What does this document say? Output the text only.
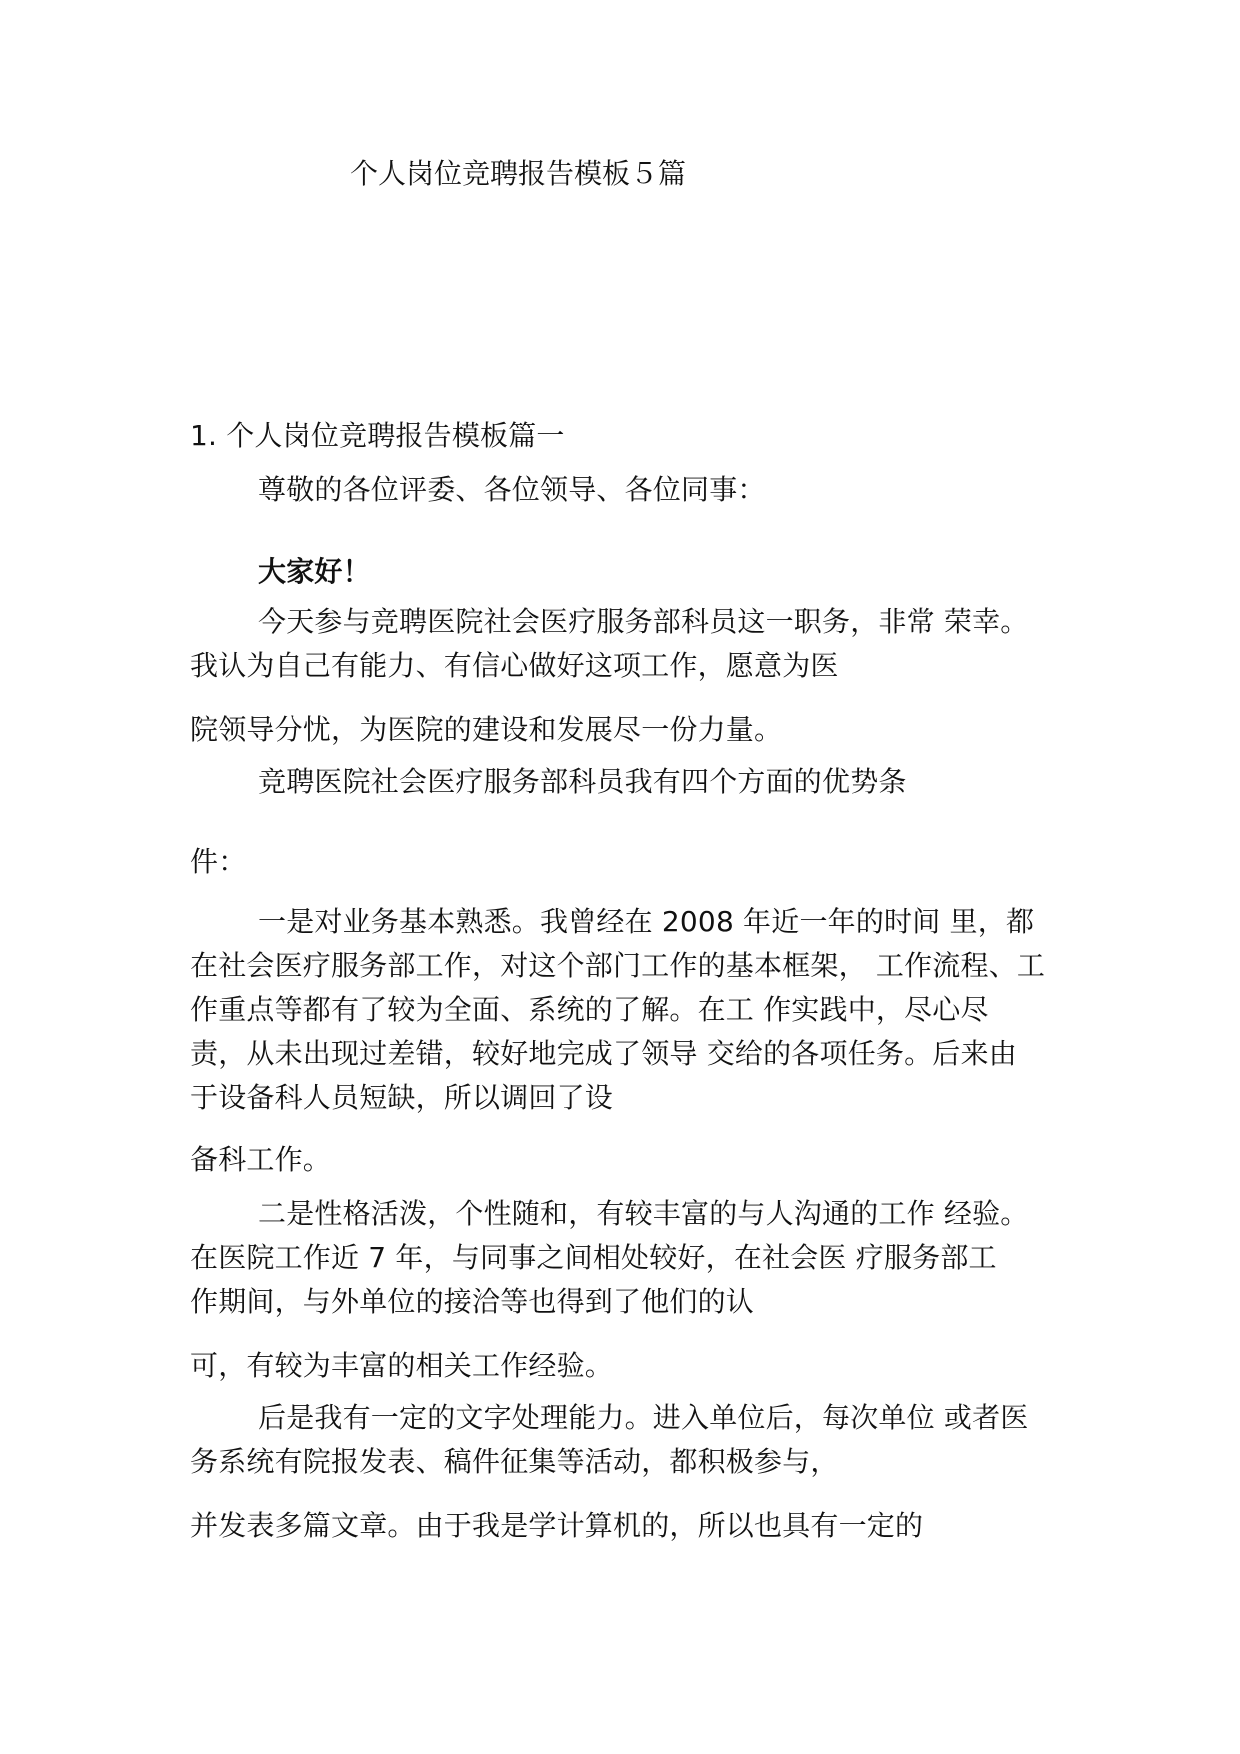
个人岗位竞聘报告模板５篇
1. 个人岗位竞聘报告模板篇一
尊敬的各位评委、各位领导、各位同事：
大家好！
今天参与竞聘医院社会医疗服务部科员这一职务，非常 荣幸。
我认为自己有能力、有信心做好这项工作，愿意为医
院领导分忧，为医院的建设和发展尽一份力量。
竞聘医院社会医疗服务部科员我有四个方面的优势条
件：
一是对业务基本熟悉。我曾经在 2008 年近一年的时间 里，都
在社会医疗服务部工作，对这个部门工作的基本框架， 工作流程、工
作重点等都有了较为全面、系统的了解。在工 作实践中，尽心尽
责，从未出现过差错，较好地完成了领导 交给的各项任务。后来由
于设备科人员短缺，所以调回了设
备科工作。
二是性格活泼，个性随和，有较丰富的与人沟通的工作 经验。
在医院工作近 7 年，与同事之间相处较好，在社会医 疗服务部工
作期间，与外单位的接洽等也得到了他们的认
可，有较为丰富的相关工作经验。
后是我有一定的文字处理能力。进入单位后，每次单位 或者医
务系统有院报发表、稿件征集等活动，都积极参与，
并发表多篇文章。由于我是学计算机的，所以也具有一定的
